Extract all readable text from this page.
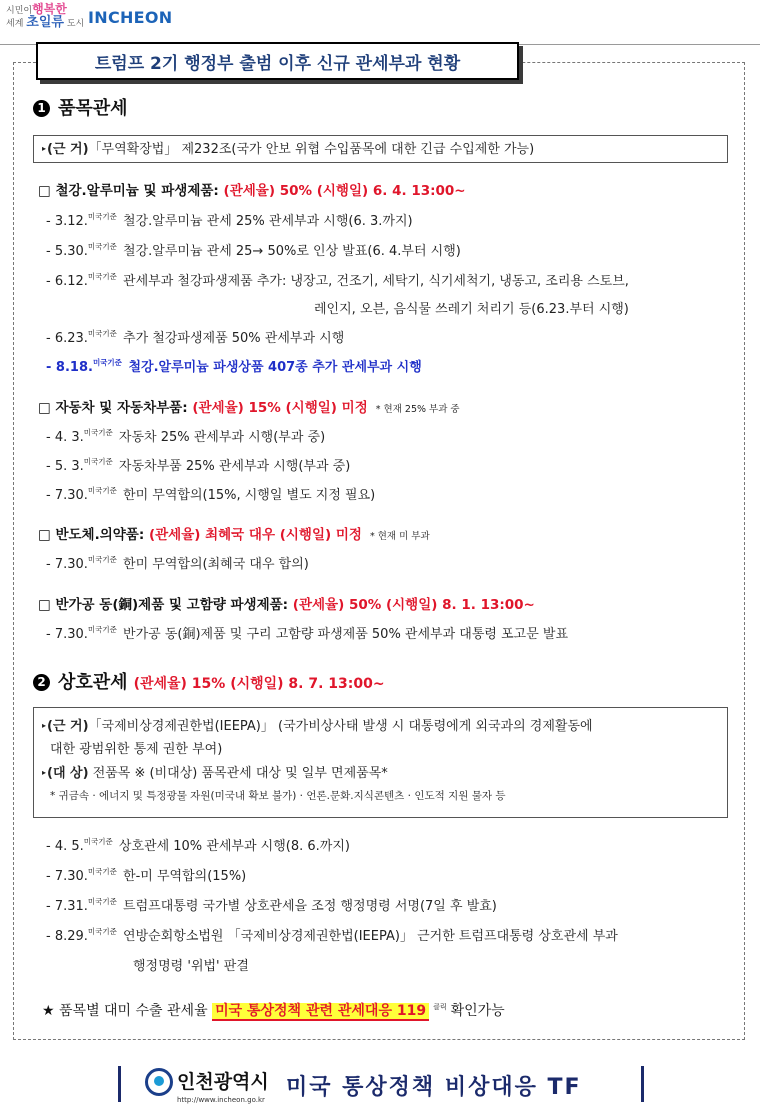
시민이행복한
세계 초일류 도시 INCHEON
트럼프 2기 행정부 출범 이후 신규 관세부과 현황
1 품목관세
▸(근 거)「무역확장법」 제232조(국가 안보 위협 수입품목에 대한 긴급 수입제한 가능)
□ 철강.알루미늄 및 파생제품: (관세율) 50% (시행일) 6. 4. 13:00~
- 3.12.$^{미국기준}$ 철강.알루미늄 관세 25% 관세부과 시행(6. 3.까지)
- 5.30.$^{미국기준}$ 철강.알루미늄 관세 25→ 50%로 인상 발표(6. 4.부터 시행)
- 6.12.$^{미국기준}$ 관세부과 철강파생제품 추가: 냉장고, 건조기, 세탁기, 식기세척기, 냉동고, 조리용 스토브,
레인지, 오븐, 음식물 쓰레기 처리기 등(6.23.부터 시행)
- 6.23.$^{미국기준}$ 추가 철강파생제품 50% 관세부과 시행
- 8.18.$^{미국기준}$ 철강.알루미늄 파생상품 407종 추가 관세부과 시행
□ 자동차 및 자동차부품: (관세율) 15% (시행일) 미정 * 현재 25% 부과 중
- 4. 3.$^{미국기준}$ 자동차 25% 관세부과 시행(부과 중)
- 5. 3.$^{미국기준}$ 자동차부품 25% 관세부과 시행(부과 중)
- 7.30.$^{미국기준}$ 한미 무역합의(15%, 시행일 별도 지정 필요)
□ 반도체.의약품: (관세율) 최혜국 대우 (시행일) 미정 * 현재 미 부과
- 7.30.$^{미국기준}$ 한미 무역합의(최혜국 대우 합의)
□ 반가공 동(銅)제품 및 고함량 파생제품: (관세율) 50% (시행일) 8. 1. 13:00~
- 7.30.$^{미국기준}$ 반가공 동(銅)제품 및 구리 고함량 파생제품 50% 관세부과 대통령 포고문 발표
2 상호관세 (관세율) 15% (시행일) 8. 7. 13:00~
▸(근 거)「국제비상경제권한법(IEEPA)」 (국가비상사태 발생 시 대통령에게 외국과의 경제활동에
대한 광범위한 통제 권한 부여)
▸(대 상) 전품목 ※ (비대상) 품목관세 대상 및 일부 면제품목*
* 귀금속 · 에너지 및 특정광물 자원(미국내 확보 불가) · 언론.문화.지식콘텐츠 · 인도적 지원 물자 등
- 4. 5.$^{미국기준}$ 상호관세 10% 관세부과 시행(8. 6.까지)
- 7.30.$^{미국기준}$ 한-미 무역합의(15%)
- 7.31.$^{미국기준}$ 트럼프대통령 국가별 상호관세을 조정 행정명령 서명(7일 후 발효)
- 8.29.$^{미국기준}$ 연방순회항소법원 「국제비상경제권한법(IEEPA)」 근거한 트럼프대통령 상호관세 부과
행정명령 '위법' 판결
★ 품목별 대미 수출 관세율 미국 통상정책 관련 관세대응 119 $^{클릭}$ 확인가능
인천광역시
http://www.incheon.go.kr 미국 통상정책 비상대응 TF
